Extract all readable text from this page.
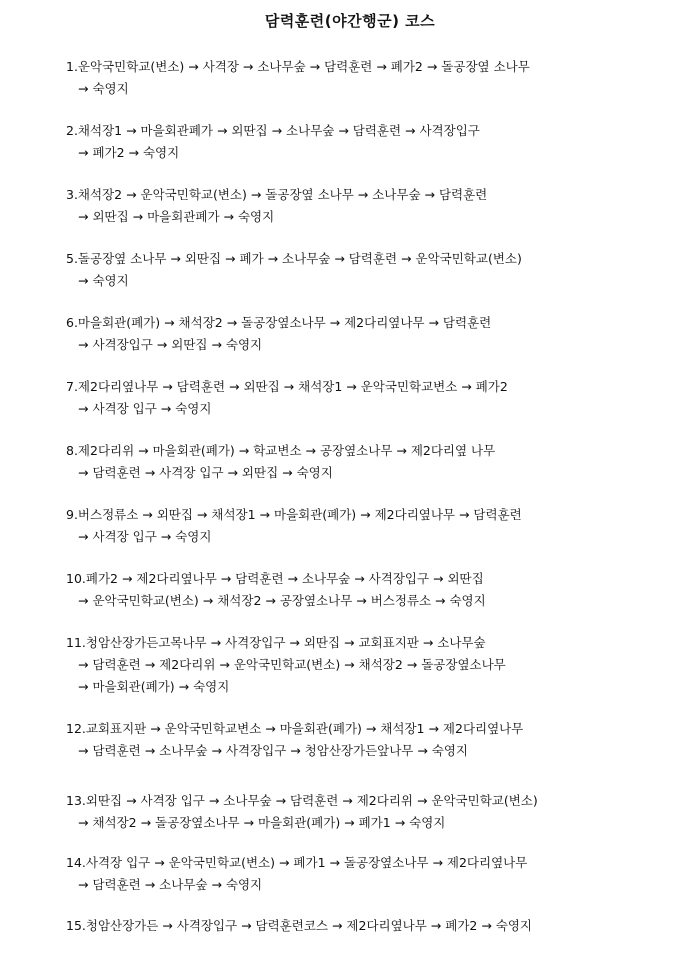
담력훈련(야간행군) 코스
1.운악국민학교(변소) → 사격장 → 소나무숲 → 담력훈련 → 폐가2 → 돌공장옆 소나무
→ 숙영지
2.채석장1 → 마을회관폐가 → 외딴집 → 소나무숲 → 담력훈련 → 사격장입구
→ 폐가2 → 숙영지
3.채석장2 → 운악국민학교(변소) → 돌공장옆 소나무 → 소나무숲 → 담력훈련
→ 외딴집 → 마을회관폐가 → 숙영지
5.돌공장옆 소나무 → 외딴집 → 폐가 → 소나무숲 → 담력훈련 → 운악국민학교(변소)
→ 숙영지
6.마을회관(폐가) → 채석장2 → 돌공장옆소나무 → 제2다리옆나무 → 담력훈련
→ 사격장입구 → 외딴집 → 숙영지
7.제2다리옆나무 → 담력훈련 → 외딴집 → 채석장1 → 운악국민학교변소 → 폐가2
→ 사격장 입구 → 숙영지
8.제2다리위 → 마을회관(폐가) → 학교변소 → 공장옆소나무 → 제2다리옆 나무
→ 담력훈련 → 사격장 입구 → 외딴집 → 숙영지
9.버스정류소 → 외딴집 → 채석장1 → 마을회관(폐가) → 제2다리옆나무 → 담력훈련
→ 사격장 입구 → 숙영지
10.폐가2 → 제2다리옆나무 → 담력훈련 → 소나무숲 → 사격장입구 → 외딴집
→ 운악국민학교(변소) → 채석장2 → 공장옆소나무 → 버스정류소 → 숙영지
11.청암산장가든고목나무 → 사격장입구 → 외딴집 → 교회표지판 → 소나무숲
→ 담력훈련 → 제2다리위 → 운악국민학교(변소) → 채석장2 → 돌공장옆소나무
→ 마을회관(폐가) → 숙영지
12.교회표지판 → 운악국민학교변소 → 마을회관(폐가) → 채석장1 → 제2다리옆나무
→ 담력훈련 → 소나무숲 → 사격장입구 → 청암산장가든앞나무 → 숙영지
13.외딴집 → 사격장 입구 → 소나무숲 → 담력훈련 → 제2다리위 → 운악국민학교(변소)
→ 채석장2 → 돌공장옆소나무 → 마을회관(폐가) → 폐가1 → 숙영지
14.사격장 입구 → 운악국민학교(변소) → 폐가1 → 돌공장옆소나무 → 제2다리옆나무
→ 담력훈련 → 소나무숲 → 숙영지
15.청암산장가든 → 사격장입구 → 담력훈련코스 → 제2다리옆나무 → 폐가2 → 숙영지
